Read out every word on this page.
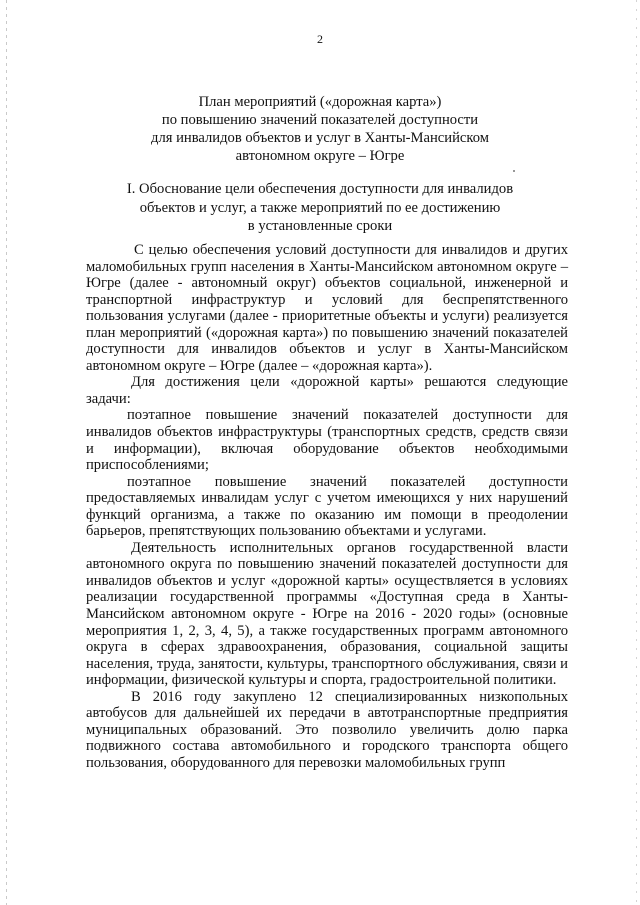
2
План мероприятий («дорожная карта»)
по повышению значений показателей доступности
для инвалидов объектов и услуг в Ханты-Мансийском
автономном округе – Югре
I. Обоснование цели обеспечения доступности для инвалидов
объектов и услуг, а также мероприятий по ее достижению
в установленные сроки

С целью обеспечения условий доступности для инвалидов и других маломобильных групп населения в Ханты-Мансийском автономном округе – Югре (далее - автономный округ) объектов социальной, инженерной и транспортной инфраструктур и условий для беспрепятственного пользования услугами (далее - приоритетные объекты и услуги) реализуется план мероприятий («дорожная карта») по повышению значений показателей доступности для инвалидов объектов и услуг в Ханты-Мансийском автономном округе – Югре (далее – «дорожная карта»).

Для достижения цели «дорожной карты» решаются следующие задачи:

поэтапное повышение значений показателей доступности для инвалидов объектов инфраструктуры (транспортных средств, средств связи и информации), включая оборудование объектов необходимыми приспособлениями;

поэтапное повышение значений показателей доступности предоставляемых инвалидам услуг с учетом имеющихся у них нарушений функций организма, а также по оказанию им помощи в преодолении барьеров, препятствующих пользованию объектами и услугами.

Деятельность исполнительных органов государственной власти автономного округа по повышению значений показателей доступности для инвалидов объектов и услуг «дорожной карты» осуществляется в условиях реализации государственной программы «Доступная среда в Ханты-Мансийском автономном округе - Югре на 2016 - 2020 годы» (основные мероприятия 1, 2, 3, 4, 5), а также государственных программ автономного округа в сферах здравоохранения, образования, социальной защиты населения, труда, занятости, культуры, транспортного обслуживания, связи и информации, физической культуры и спорта, градостроительной политики.

В 2016 году закуплено 12 специализированных низкопольных автобусов для дальнейшей их передачи в автотранспортные предприятия муниципальных образований. Это позволило увеличить долю парка подвижного состава автомобильного и городского транспорта общего пользования, оборудованного для перевозки маломобильных групп
